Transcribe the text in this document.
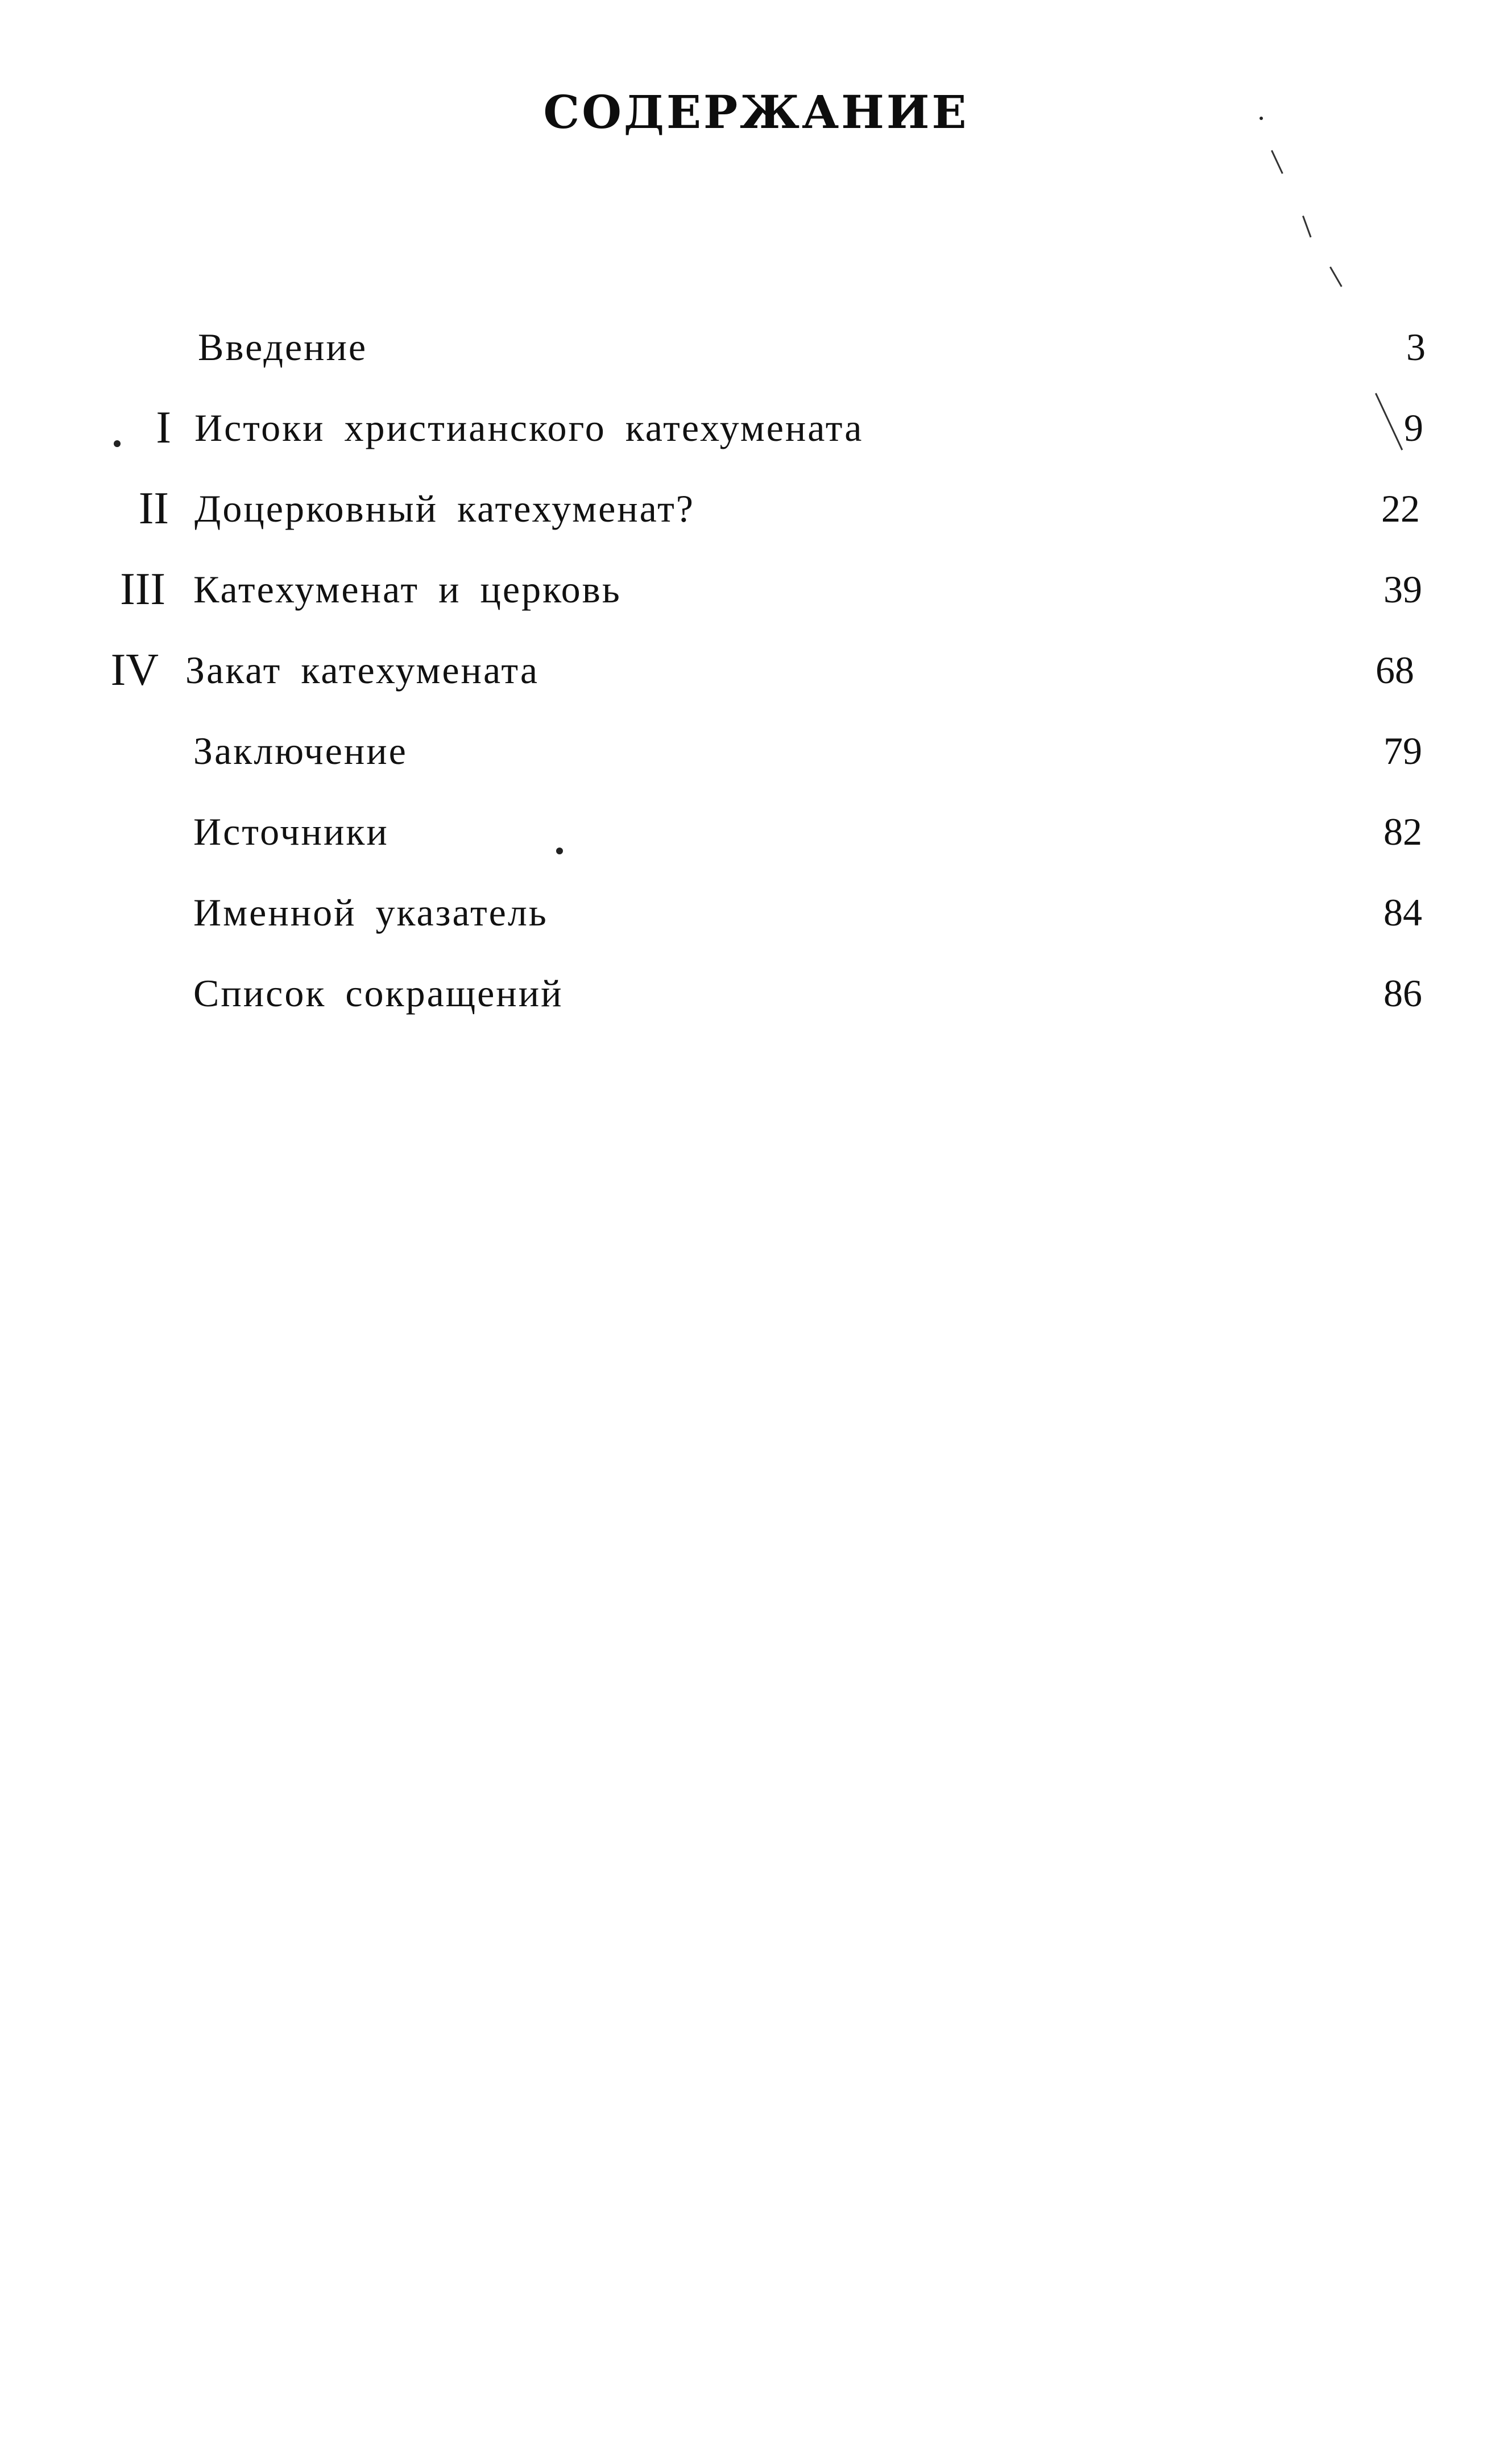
СОДЕРЖАНИЕ
Введение	3
I Истоки христианского катехумената	9
II Доцерковный катехуменат?	22
III Катехуменат и церковь	39
IV Закат катехумената	68
Заключение	79
Источники	82
Именной указатель	84
Список сокращений	86
